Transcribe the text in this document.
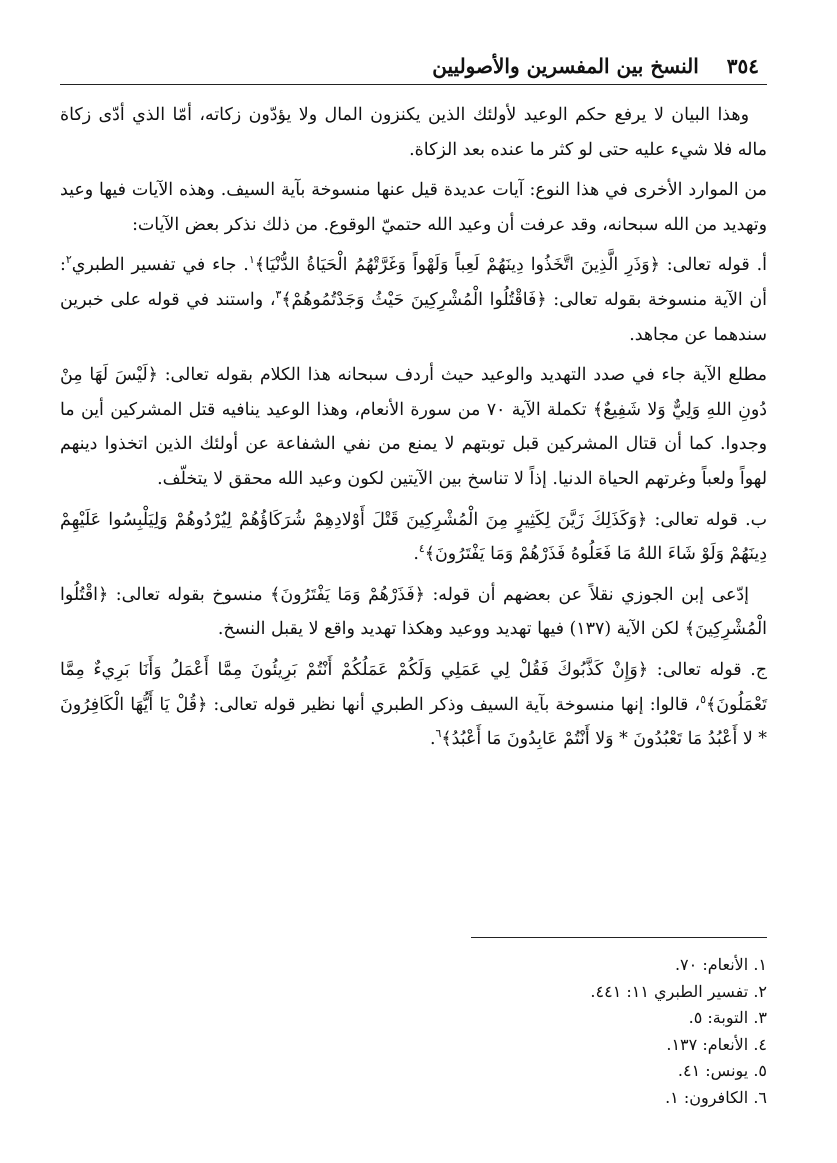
٣٥٤
النسخ بين المفسرين والأصوليين

وهذا البيان لا يرفع حكم الوعيد لأولئك الذين يكنزون المال ولا يؤدّون زكاته، أمّا الذي أدّى زكاة ماله فلا شيء عليه حتى لو كثر ما عنده بعد الزكاة.

من الموارد الأخرى في هذا النوع: آيات عديدة قيل عنها منسوخة بآية السيف. وهذه الآيات فيها وعيد وتهديد من الله سبحانه، وقد عرفت أن وعيد الله حتميّ الوقوع. من ذلك نذكر بعض الآيات:

أ. قوله تعالى: ﴿وَذَرِ الَّذِينَ اتَّخَذُوا دِينَهُمْ لَعِباً وَلَهْواً وَغَرَّتْهُمُ الْحَيَاةُ الدُّنْيَا﴾$^١$. جاء في تفسير الطبري$^٢$: أن الآية منسوخة بقوله تعالى: ﴿فَاقْتُلُوا الْمُشْرِكِينَ حَيْثُ وَجَدْتُمُوهُمْ﴾$^٣$، واستند في قوله على خبرين سندهما عن مجاهد.

مطلع الآية جاء في صدد التهديد والوعيد حيث أردف سبحانه هذا الكلام بقوله تعالى: ﴿لَيْسَ لَهَا مِنْ دُونِ اللهِ وَلِيٌّ وَلا شَفِيعٌ﴾ تكملة الآية ٧٠ من سورة الأنعام، وهذا الوعيد ينافيه قتل المشركين أين ما وجدوا. كما أن قتال المشركين قبل توبتهم لا يمنع من نفي الشفاعة عن أولئك الذين اتخذوا دينهم لهواً ولعباً وغرتهم الحياة الدنيا. إذاً لا تناسخ بين الآيتين لكون وعيد الله محقق لا يتخلّف.

ب. قوله تعالى: ﴿وَكَذَلِكَ زَيَّنَ لِكَثِيرٍ مِنَ الْمُشْرِكِينَ قَتْلَ أَوْلادِهِمْ شُرَكَاؤُهُمْ لِيُرْدُوهُمْ وَلِيَلْبِسُوا عَلَيْهِمْ دِينَهُمْ وَلَوْ شَاءَ اللهُ مَا فَعَلُوهُ فَذَرْهُمْ وَمَا يَفْتَرُونَ﴾$^٤$.

إدّعى إبن الجوزي نقلاً عن بعضهم أن قوله: ﴿فَذَرْهُمْ وَمَا يَفْتَرُونَ﴾ منسوخ بقوله تعالى: ﴿اقْتُلُوا الْمُشْرِكِينَ﴾ لكن الآية (١٣٧) فيها تهديد ووعيد وهكذا تهديد واقع لا يقبل النسخ.

ج. قوله تعالى: ﴿وَإِنْ كَذَّبُوكَ فَقُلْ لِي عَمَلِي وَلَكُمْ عَمَلُكُمْ أَنْتُمْ بَرِيئُونَ مِمَّا أَعْمَلُ وَأَنَا بَرِيءٌ مِمَّا تَعْمَلُونَ﴾$^٥$، قالوا: إنها منسوخة بآية السيف وذكر الطبري أنها نظير قوله تعالى: ﴿قُلْ يَا أَيُّهَا الْكَافِرُونَ * لا أَعْبُدُ مَا تَعْبُدُونَ * وَلا أَنْتُمْ عَابِدُونَ مَا أَعْبُدُ﴾$^٦$.

١. الأنعام: ٧٠.
٢. تفسير الطبري ١١: ٤٤١.
٣. التوبة: ٥.
٤. الأنعام: ١٣٧.
٥. يونس: ٤١.
٦. الكافرون: ١.
